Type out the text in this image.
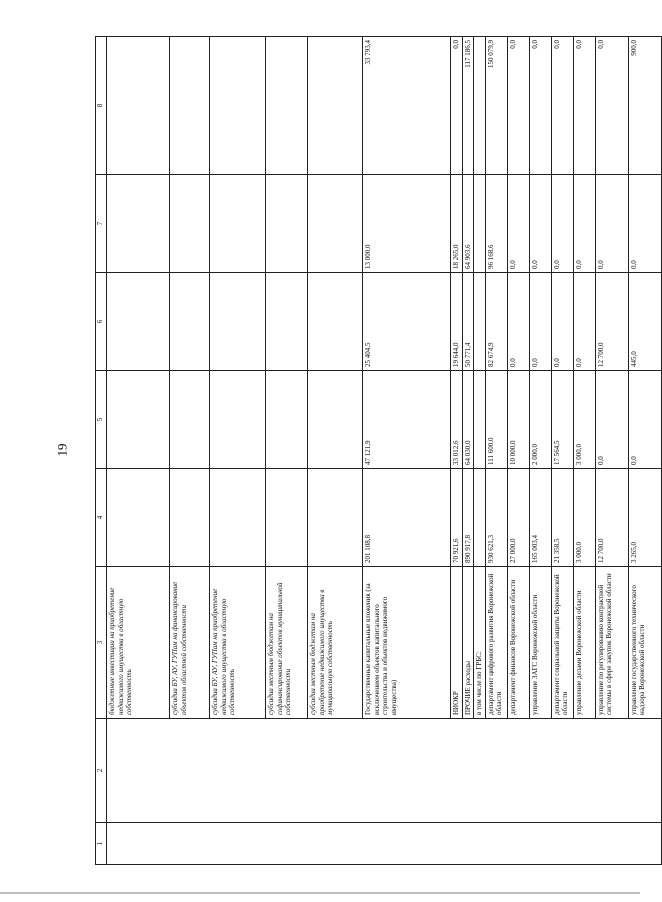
19
1	2	3	4	5	6	7	8
		бюджетные инвестиции на приобретение недвижимого имущества в областную собственность					
		субсидии БУ, АУ, ГУПам на финансирование объектов областной собственности					
		субсидии БУ, АУ, ГУПам на приобретение недвижимого имущества в областную собственность					
		субсидии местным бюджетам на софинансирование объектов муниципальной собственности					
		субсидии местным бюджетам на приобретение недвижимого имущества в муниципальную собственность					
		Государственные капитальные вложения (за исключением объектов капитального строительства и объектов недвижимого имущества)	201 108,8	47 121,9	25 404,5	13 000,0	33 793,4
		НИОКР	70 921,6	33 012,6	19 644,0	18 265,0	0,0
		ПРОЧИЕ расходы	890 917,8	64 030,0	50 771,4	64 903,6	117 186,5
		в том числе по ГРБС:					
		департамент цифрового развития Воронежской области	930 621,3	111 600,0	82 674,9	96 168,6	150 079,9
		департамент финансов Воронежской области	27 000,0	10 000,0	0,0	0,0	0,0
		управление ЗАГС Воронежской области	165 003,4	2 000,0	0,0	0,0	0,0
		департамент социальной защиты Воронежской области	21 358,5	17 564,5	0,0	0,0	0,0
		управление делами Воронежской области	3 000,0	3 000,0	0,0	0,0	0,0
		управление по регулированию контрактной системы в сфере закупок Воронежской области	12 700,0	0,0	12 700,0	0,0	0,0
		управление государственного технического надзора Воронежской области	3 265,0	0,0	445,0	0,0	900,0
